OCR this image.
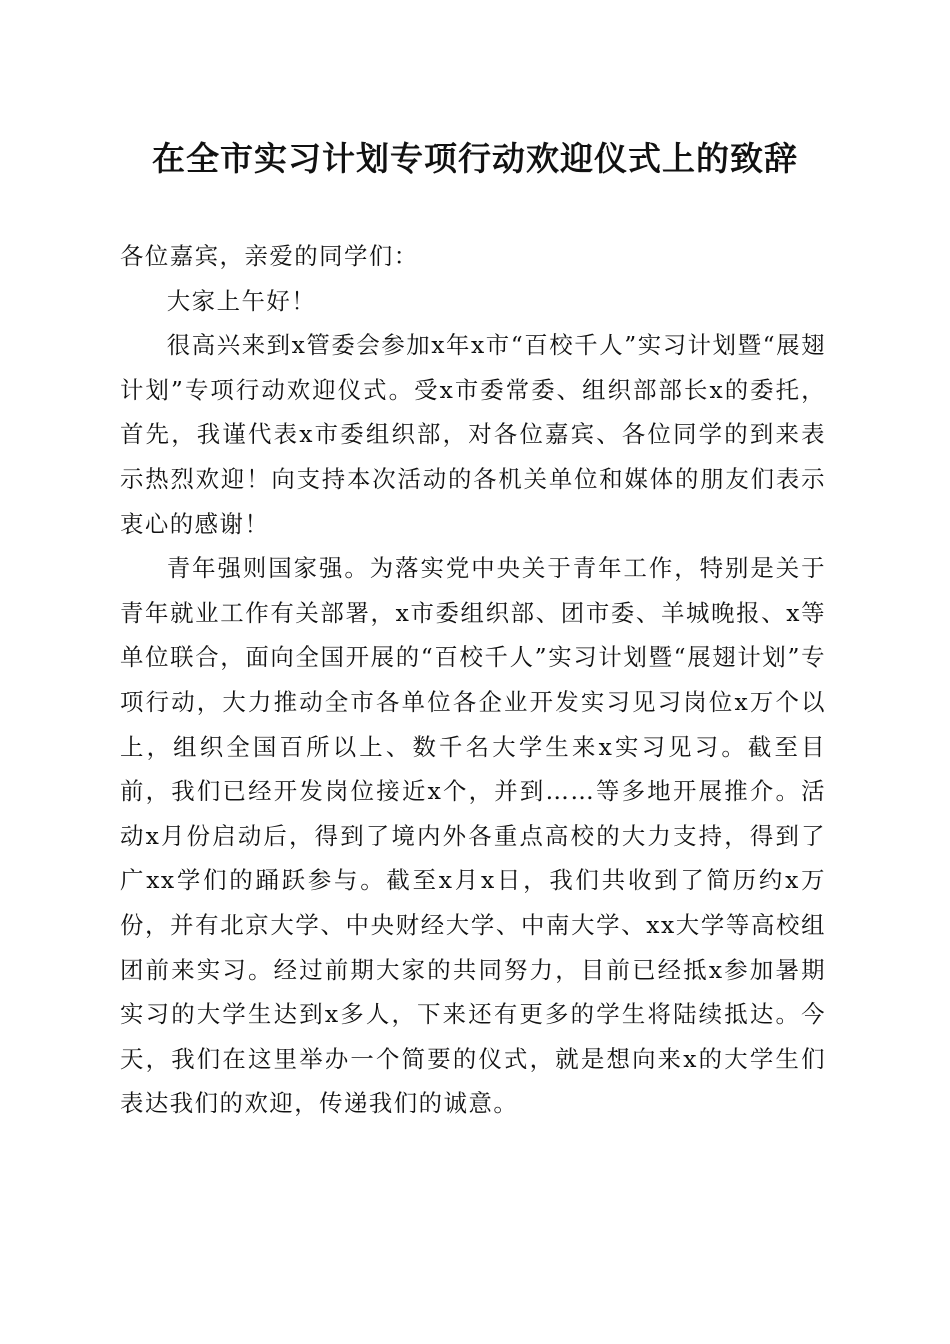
在全市实习计划专项行动欢迎仪式上的致辞

各位嘉宾，亲爱的同学们：

大家上午好！

很高兴来到x管委会参加x年x市“百校千人”实习计划暨“展翅计划”专项行动欢迎仪式。受x市委常委、组织部部长x的委托，首先，我谨代表x市委组织部，对各位嘉宾、各位同学的到来表示热烈欢迎！向支持本次活动的各机关单位和媒体的朋友们表示衷心的感谢！

青年强则国家强。为落实党中央关于青年工作，特别是关于青年就业工作有关部署，x市委组织部、团市委、羊城晚报、x等单位联合，面向全国开展的“百校千人”实习计划暨“展翅计划”专项行动，大力推动全市各单位各企业开发实习见习岗位x万个以上，组织全国百所以上、数千名大学生来x实习见习。截至目前，我们已经开发岗位接近x个，并到……等多地开展推介。活动x月份启动后，得到了境内外各重点高校的大力支持，得到了广xx学们的踊跃参与。截至x月x日，我们共收到了简历约x万份，并有北京大学、中央财经大学、中南大学、xx大学等高校组团前来实习。经过前期大家的共同努力，目前已经抵x参加暑期实习的大学生达到x多人，下来还有更多的学生将陆续抵达。今天，我们在这里举办一个简要的仪式，就是想向来x的大学生们表达我们的欢迎，传递我们的诚意。
